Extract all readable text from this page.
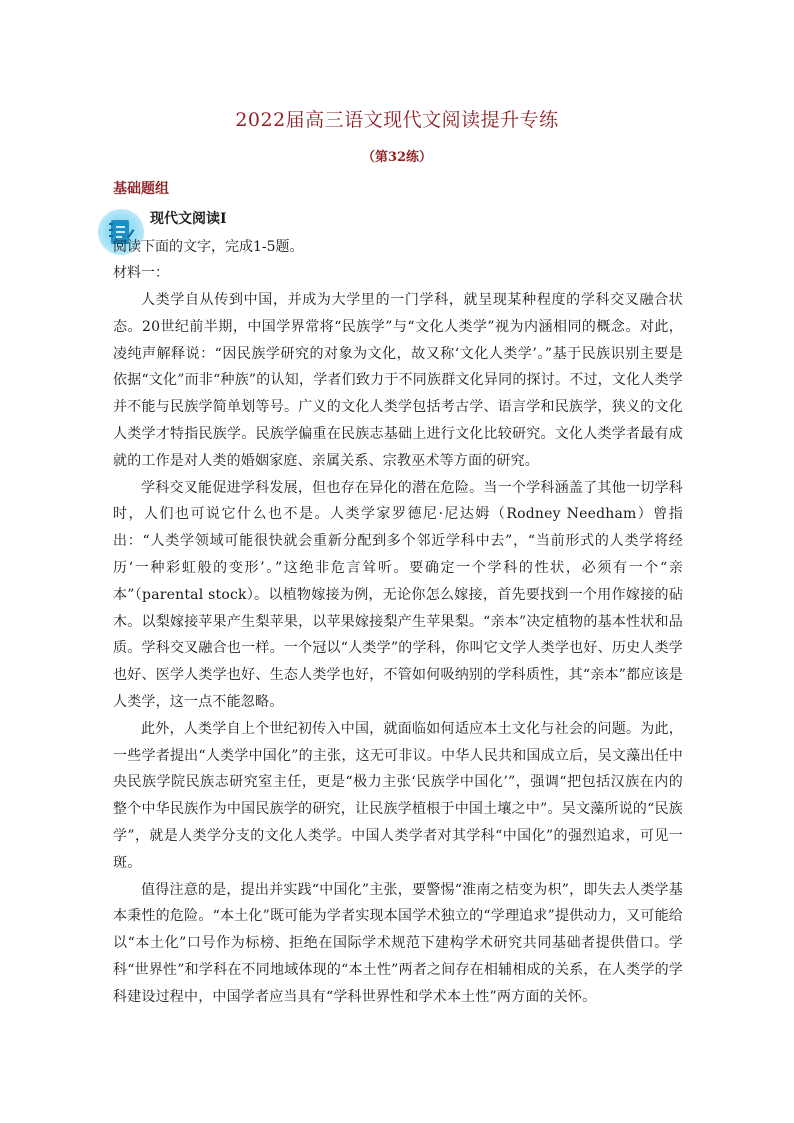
2022届高三语文现代文阅读提升专练
（第32练）
基础题组
现代文阅读Ⅰ
阅读下面的文字，完成1-5题。
材料一：

人类学自从传到中国，并成为大学里的一门学科，就呈现某种程度的学科交叉融合状态。20世纪前半期，中国学界常将“民族学”与“文化人类学”视为内涵相同的概念。对此，凌纯声解释说：“因民族学研究的对象为文化，故又称‘文化人类学’。”基于民族识别主要是依据“文化”而非“种族”的认知，学者们致力于不同族群文化异同的探讨。不过，文化人类学并不能与民族学简单划等号。广义的文化人类学包括考古学、语言学和民族学，狭义的文化人类学才特指民族学。民族学偏重在民族志基础上进行文化比较研究。文化人类学者最有成就的工作是对人类的婚姻家庭、亲属关系、宗教巫术等方面的研究。

学科交叉能促进学科发展，但也存在异化的潜在危险。当一个学科涵盖了其他一切学科时，人们也可说它什么也不是。人类学家罗德尼·尼达姆（Rodney Needham）曾指出：“人类学领域可能很快就会重新分配到多个邻近学科中去”，“当前形式的人类学将经历‘一种彩虹般的变形’。”这绝非危言耸听。要确定一个学科的性状，必须有一个“亲本”（parental stock）。以植物嫁接为例，无论你怎么嫁接，首先要找到一个用作嫁接的砧木。以梨嫁接苹果产生梨苹果，以苹果嫁接梨产生苹果梨。“亲本”决定植物的基本性状和品质。学科交叉融合也一样。一个冠以“人类学”的学科，你叫它文学人类学也好、历史人类学也好、医学人类学也好、生态人类学也好，不管如何吸纳别的学科质性，其“亲本”都应该是人类学，这一点不能忽略。

此外，人类学自上个世纪初传入中国，就面临如何适应本土文化与社会的问题。为此，一些学者提出“人类学中国化”的主张，这无可非议。中华人民共和国成立后，吴文藻出任中央民族学院民族志研究室主任，更是“极力主张‘民族学中国化’”，强调“把包括汉族在内的整个中华民族作为中国民族学的研究，让民族学植根于中国土壤之中”。吴文藻所说的“民族学”，就是人类学分支的文化人类学。中国人类学者对其学科“中国化”的强烈追求，可见一斑。

值得注意的是，提出并实践“中国化”主张，要警惕“淮南之桔变为枳”，即失去人类学基本秉性的危险。“本土化”既可能为学者实现本国学术独立的“学理追求”提供动力，又可能给以“本土化”口号作为标榜、拒绝在国际学术规范下建构学术研究共同基础者提供借口。学科“世界性”和学科在不同地域体现的“本土性”两者之间存在相辅相成的关系，在人类学的学科建设过程中，中国学者应当具有“学科世界性和学术本土性”两方面的关怀。
